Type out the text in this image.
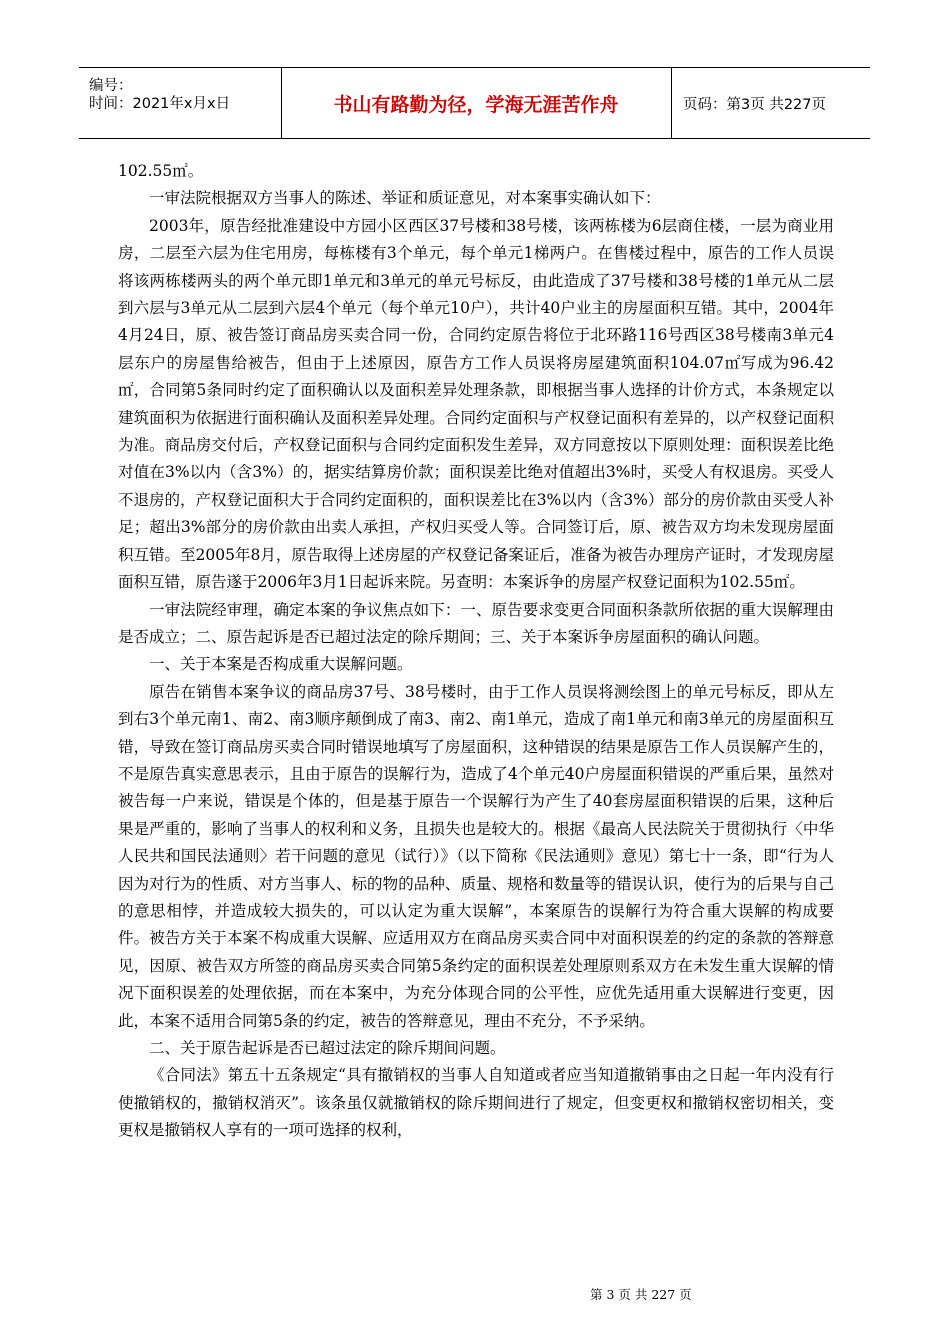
编号：
时间：2021年x月x日	书山有路勤为径，学海无涯苦作舟	页码：第3页 共227页

102.55㎡。

一审法院根据双方当事人的陈述、举证和质证意见，对本案事实确认如下：

2003年，原告经批准建设中方园小区西区37号楼和38号楼，该两栋楼为6层商住楼，一层为商业用房，二层至六层为住宅用房，每栋楼有3个单元，每个单元1梯两户。在售楼过程中，原告的工作人员误将该两栋楼两头的两个单元即1单元和3单元的单元号标反，由此造成了37号楼和38号楼的1单元从二层到六层与3单元从二层到六层4个单元（每个单元10户），共计40户业主的房屋面积互错。其中，2004年4月24日，原、被告签订商品房买卖合同一份，合同约定原告将位于北环路116号西区38号楼南3单元4层东户的房屋售给被告，但由于上述原因，原告方工作人员误将房屋建筑面积104.07㎡写成为96.42㎡，合同第5条同时约定了面积确认以及面积差异处理条款，即根据当事人选择的计价方式，本条规定以建筑面积为依据进行面积确认及面积差异处理。合同约定面积与产权登记面积有差异的，以产权登记面积为准。商品房交付后，产权登记面积与合同约定面积发生差异，双方同意按以下原则处理：面积误差比绝对值在3%以内（含3%）的，据实结算房价款；面积误差比绝对值超出3%时，买受人有权退房。买受人不退房的，产权登记面积大于合同约定面积的，面积误差比在3%以内（含3%）部分的房价款由买受人补足；超出3%部分的房价款由出卖人承担，产权归买受人等。合同签订后，原、被告双方均未发现房屋面积互错。至2005年8月，原告取得上述房屋的产权登记备案证后，准备为被告办理房产证时，才发现房屋面积互错，原告遂于2006年3月1日起诉来院。另查明：本案诉争的房屋产权登记面积为102.55㎡。

一审法院经审理，确定本案的争议焦点如下：一、原告要求变更合同面积条款所依据的重大误解理由是否成立；二、原告起诉是否已超过法定的除斥期间；三、关于本案诉争房屋面积的确认问题。

一、关于本案是否构成重大误解问题。

原告在销售本案争议的商品房37号、38号楼时，由于工作人员误将测绘图上的单元号标反，即从左到右3个单元南1、南2、南3顺序颠倒成了南3、南2、南1单元，造成了南1单元和南3单元的房屋面积互错，导致在签订商品房买卖合同时错误地填写了房屋面积，这种错误的结果是原告工作人员误解产生的，不是原告真实意思表示，且由于原告的误解行为，造成了4个单元40户房屋面积错误的严重后果，虽然对被告每一户来说，错误是个体的，但是基于原告一个误解行为产生了40套房屋面积错误的后果，这种后果是严重的，影响了当事人的权利和义务，且损失也是较大的。根据《最高人民法院关于贯彻执行〈中华人民共和国民法通则〉若干问题的意见（试行）》（以下简称《民法通则》意见）第七十一条，即“行为人因为对行为的性质、对方当事人、标的物的品种、质量、规格和数量等的错误认识，使行为的后果与自己的意思相悖，并造成较大损失的，可以认定为重大误解”，本案原告的误解行为符合重大误解的构成要件。被告方关于本案不构成重大误解、应适用双方在商品房买卖合同中对面积误差的约定的条款的答辩意见，因原、被告双方所签的商品房买卖合同第5条约定的面积误差处理原则系双方在未发生重大误解的情况下面积误差的处理依据，而在本案中，为充分体现合同的公平性，应优先适用重大误解进行变更，因此，本案不适用合同第5条的约定，被告的答辩意见，理由不充分，不予采纳。

二、关于原告起诉是否已超过法定的除斥期间问题。

《合同法》第五十五条规定“具有撤销权的当事人自知道或者应当知道撤销事由之日起一年内没有行使撤销权的，撤销权消灭”。该条虽仅就撤销权的除斥期间进行了规定，但变更权和撤销权密切相关，变更权是撤销权人享有的一项可选择的权利，

第 3 页 共 227 页
